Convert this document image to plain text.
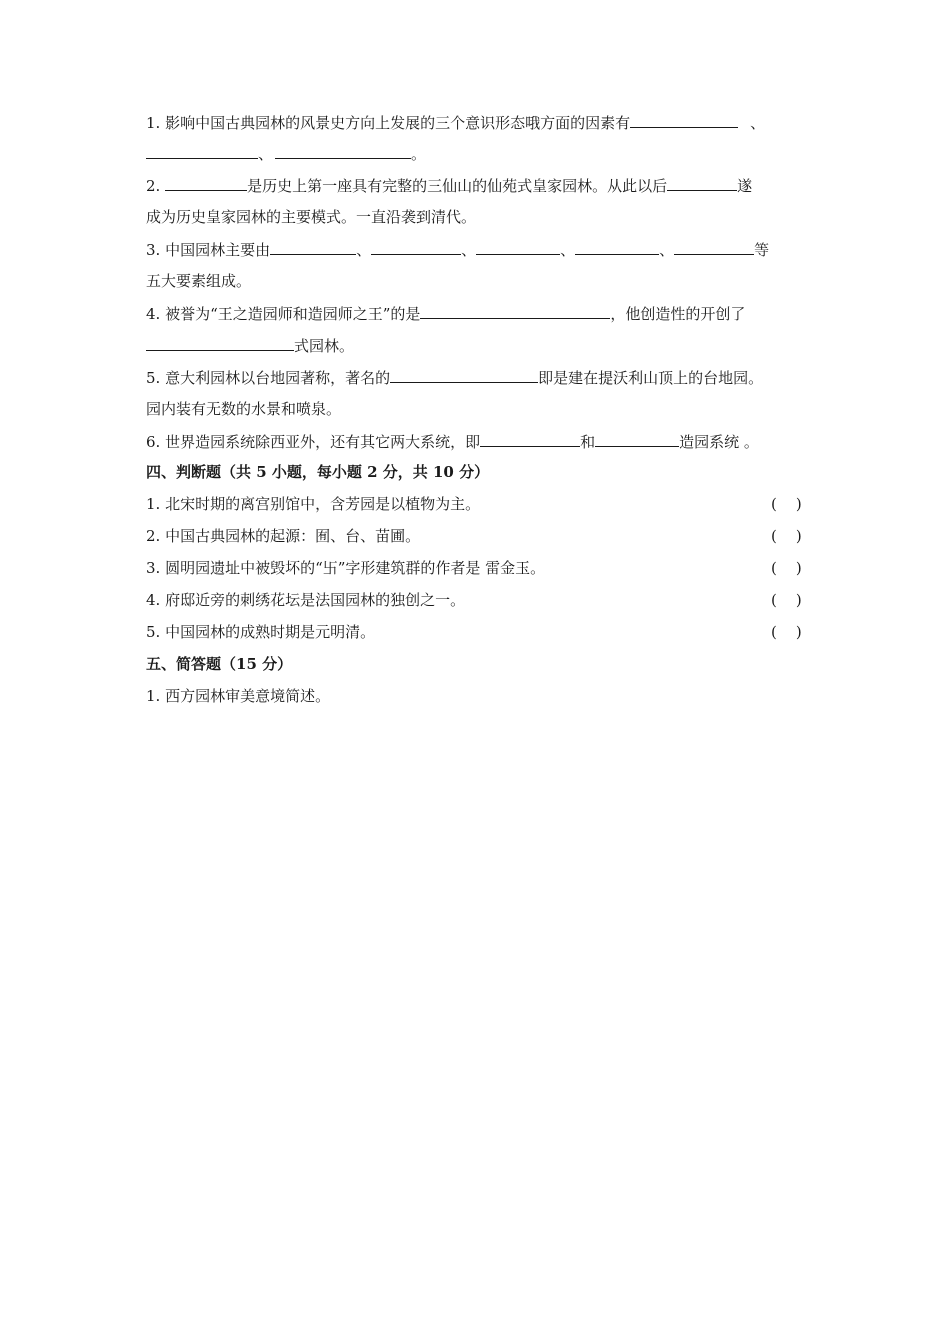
1. 影响中国古典园林的风景史方向上发展的三个意识形态哦方面的因素有	、
、	。
2.	是历史上第一座具有完整的三仙山的仙苑式皇家园林。从此以后	遂
成为历史皇家园林的主要模式。一直沿袭到清代。
3. 中国园林主要由	、	、	、	、	等
五大要素组成。
4. 被誉为“王之造园师和造园师之王”的是	，他创造性的开创了
式园林。
5. 意大利园林以台地园著称，著名的	即是建在提沃利山顶上的台地园。
园内装有无数的水景和喷泉。
6. 世界造园系统除西亚外，还有其它两大系统，即	和	造园系统 。
四、判断题（共 5 小题，每小题 2 分，共 10 分）
1. 北宋时期的离宫别馆中，含芳园是以植物为主。	(    )
2. 中国古典园林的起源：囿、台、苗圃。	(    )
3. 圆明园遗址中被毁坏的“卐”字形建筑群的作者是 雷金玉。	(    )
4. 府邸近旁的刺绣花坛是法国园林的独创之一。	(    )
5. 中国园林的成熟时期是元明清。	(    )
五、简答题（15 分）
1. 西方园林审美意境简述。
